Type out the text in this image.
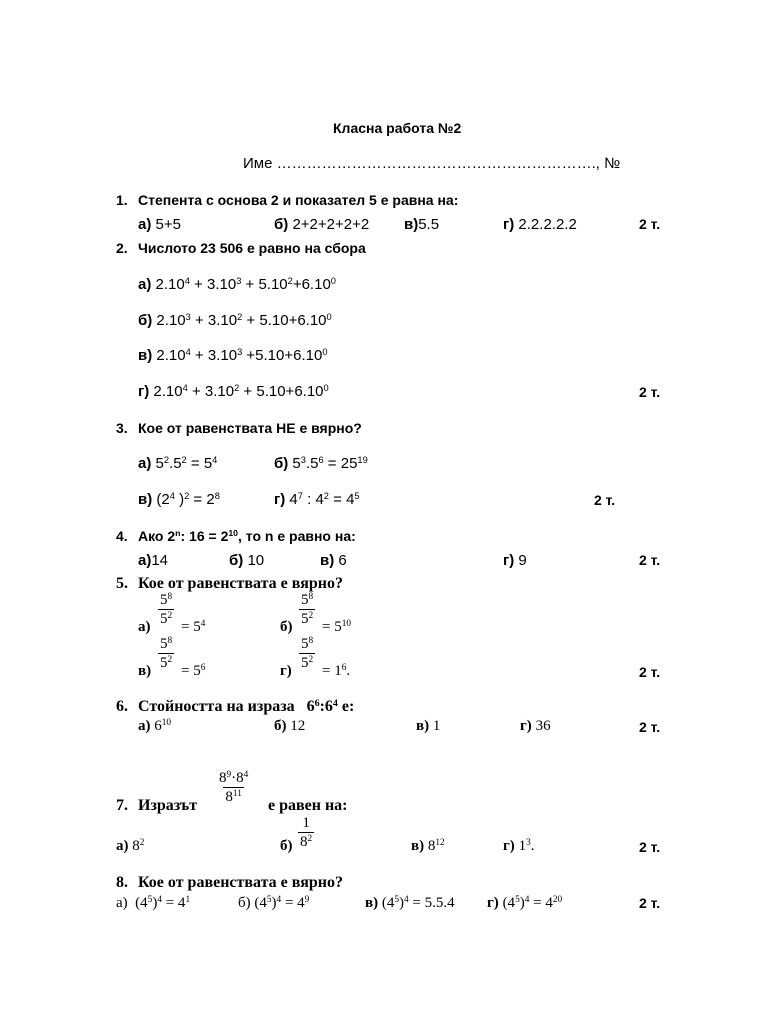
Класна работа №2
Име ………………………………………………………., №
1. Степента с основа 2 и показател 5 е равна на:
а) 5+5	б) 2+2+2+2+2 в)5.5	г) 2.2.2.2.2	2 т.
2. Числото 23 506 е равно на сбора
а) $2.10^4 + 3.10^3 + 5.10^2+6.10^0$
б) $2.10^3 + 3.10^2 + 5.10+6.10^0$
в) $2.10^4 + 3.10^3 +5.10+6.10^0$
г) $2.10^4 + 3.10^2 + 5.10+6.10^0$	2 т.
3. Кое от равенствата НЕ е вярно?
а) $5^2.5^2 = 5^4$	б) $5^3.5^6 = 25^{19}$
в) ($2^4$ )$^2 = 2^8$	г) $4^7$ : $4^2 = 4^5$	2 т.
4. Ако 2$^n$: $16 = 2^{10}$, то n е равно на:
а)14	б) 10	в) 6	г) 9	2 т.
5. Кое от равенствата е вярно?
$а) \frac{5^8}{5^2} = 5^4$	$б) \frac{5^8}{5^2} = 5^{10}$
$в) \frac{5^8}{5^2} = 5^6$	$г) \frac{5^8}{5^2} = 1^6$.	2 т.
6. Стойността на израза   $6^6:6^4$ е:
а) $6^{10}$	б) 12	в) 1	г) 36	2 т.
$\frac{8^9\cdot 8^4}{8^{11}}$
7. Изразът	е равен на:
а) $8^2$	$б) \frac{1}{8^2}$	в) $8^{12}$	г) $1^3$.	2 т.
8. Кое от равенствата е вярно?
а)  $(4^5)^4 = 4^1$	б) $(4^5)^4 = 4^9$	в) $(4^5)^4 = 5.5.4$ г) $(4^5)^4 = 4^{20}$	2 т.
